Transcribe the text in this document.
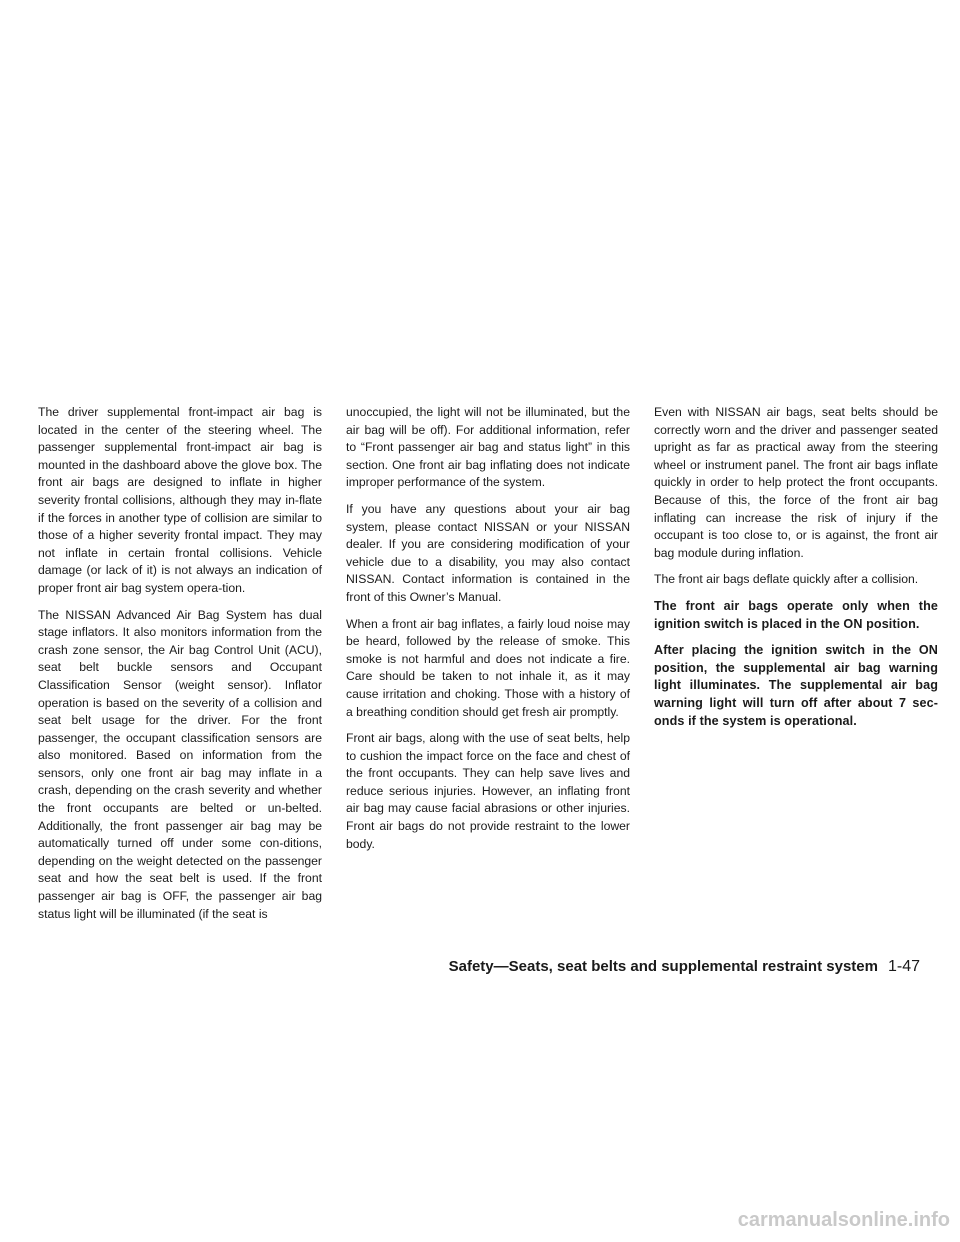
The driver supplemental front-impact air bag is located in the center of the steering wheel. The passenger supplemental front-impact air bag is mounted in the dashboard above the glove box. The front air bags are designed to inflate in higher severity frontal collisions, although they may in-flate if the forces in another type of collision are similar to those of a higher severity frontal impact. They may not inflate in certain frontal collisions. Vehicle damage (or lack of it) is not always an indication of proper front air bag system opera-tion.

The NISSAN Advanced Air Bag System has dual stage inflators. It also monitors information from the crash zone sensor, the Air bag Control Unit (ACU), seat belt buckle sensors and Occupant Classification Sensor (weight sensor). Inflator operation is based on the severity of a collision and seat belt usage for the driver. For the front passenger, the occupant classification sensors are also monitored. Based on information from the sensors, only one front air bag may inflate in a crash, depending on the crash severity and whether the front occupants are belted or un-belted. Additionally, the front passenger air bag may be automatically turned off under some con-ditions, depending on the weight detected on the passenger seat and how the seat belt is used. If the front passenger air bag is OFF, the passenger air bag status light will be illuminated (if the seat is

unoccupied, the light will not be illuminated, but the air bag will be off). For additional information, refer to “Front passenger air bag and status light” in this section. One front air bag inflating does not indicate improper performance of the system.

If you have any questions about your air bag system, please contact NISSAN or your NISSAN dealer. If you are considering modification of your vehicle due to a disability, you may also contact NISSAN. Contact information is contained in the front of this Owner’s Manual.

When a front air bag inflates, a fairly loud noise may be heard, followed by the release of smoke. This smoke is not harmful and does not indicate a fire. Care should be taken to not inhale it, as it may cause irritation and choking. Those with a history of a breathing condition should get fresh air promptly.

Front air bags, along with the use of seat belts, help to cushion the impact force on the face and chest of the front occupants. They can help save lives and reduce serious injuries. However, an inflating front air bag may cause facial abrasions or other injuries. Front air bags do not provide restraint to the lower body.

Even with NISSAN air bags, seat belts should be correctly worn and the driver and passenger seated upright as far as practical away from the steering wheel or instrument panel. The front air bags inflate quickly in order to help protect the front occupants. Because of this, the force of the front air bag inflating can increase the risk of injury if the occupant is too close to, or is against, the front air bag module during inflation.

The front air bags deflate quickly after a collision.

The front air bags operate only when the ignition switch is placed in the ON position.

After placing the ignition switch in the ON position, the supplemental air bag warning light illuminates. The supplemental air bag warning light will turn off after about 7 sec-onds if the system is operational.

Safety—Seats, seat belts and supplemental restraint system 1-47
carmanualsonline.info
